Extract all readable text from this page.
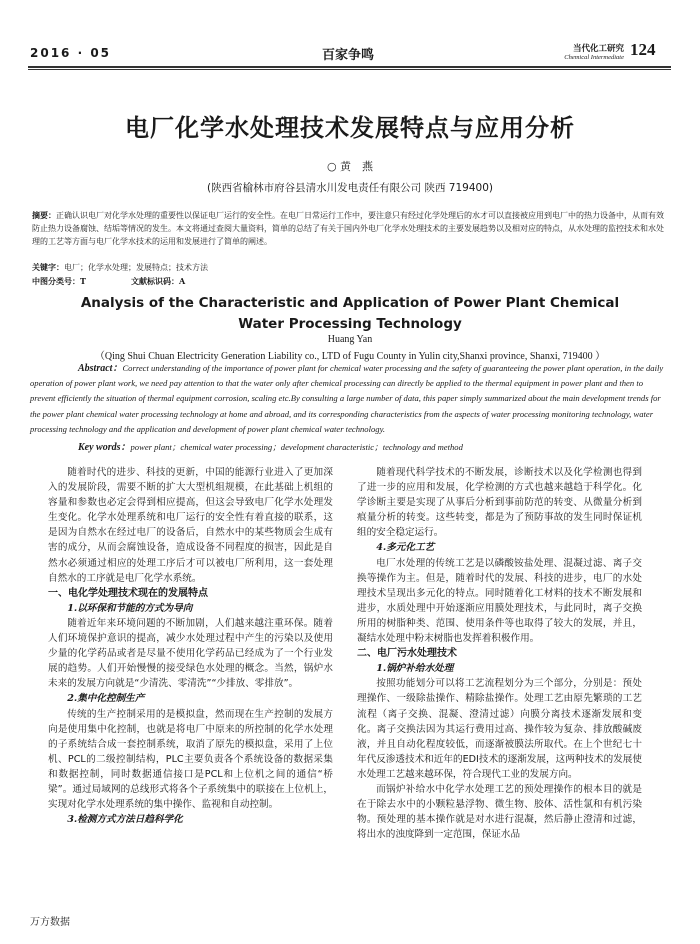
2016 · 05	百家争鸣	当代化工研究
Chemical Intermediate 124
电厂化学水处理技术发展特点与应用分析
○ 黄　燕
(陕西省榆林市府谷县清水川发电责任有限公司 陕西 719400)
摘要：正确认识电厂对化学水处理的重要性以保证电厂运行的安全性。在电厂日常运行工作中，要注意只有经过化学处理后的水才可以直接被应用到电厂中的热力设备中，从而有效防止热力设备腐蚀、结垢等情况的发生。本文将通过查阅大量资料，简单的总结了有关于国内外电厂化学水处理技术的主要发展趋势以及相对应的特点，从水处理的监控技术和水处理的工艺等方面与电厂化学水技术的运用和发展进行了简单的阐述。
关键字：电厂；化学水处理；发展特点；技术方法
中图分类号：T	文献标识码：A
Analysis of the Characteristic and Application of Power Plant Chemical Water Processing Technology
Huang Yan
（Qing Shui Chuan Electricity Generation Liability co., LTD of Fugu County in Yulin city,Shanxi province, Shanxi, 719400 ）
Abstract：Correct understanding of the importance of power plant for chemical water processing and the safety of guaranteeing the power plant operation, in the daily operation of power plant work, we need pay attention to that the water only after chemical processing can directly be applied to the thermal equipment in power plant and then to prevent efficiently the situation of thermal equipment corrosion, scaling etc.By consulting a large number of data, this paper simply summarized about the main development trends for the power plant chemical water processing technology at home and abroad, and its corresponding characteristics from the aspects of water processing monitoring technology, water processing technology and the application and development of power plant chemical water technology.
Key words：power plant；chemical water processing；development characteristic；technology and method

随着时代的进步、科技的更新，中国的能源行业进入了更加深入的发展阶段，需要不断的扩大大型机组规模，在此基础上机组的容量和参数也必定会得到相应提高，但这会导致电厂化学水处理发生变化。化学水处理系统和电厂运行的安全性有着直接的联系，这是因为自然水在经过电厂的设备后，自然水中的某些物质会生成有害的成分，从而会腐蚀设备，造成设备不同程度的损害，因此是自然水必须通过相应的处理工序后才可以被电厂所利用，这一套处理自然水的工序就是电厂化学水系统。

一、电化学处理技术现在的发展特点
1.以环保和节能的方式为导向

随着近年来环境问题的不断加剧，人们越来越注重环保。随着人们环境保护意识的提高，减少水处理过程中产生的污染以及使用少量的化学药品或者是尽量不使用化学药品已经成为了一个行业发展的趋势。人们开始慢慢的接受绿色水处理的概念。当然，锅炉水未来的发展方向就是“少清洗、零清洗”“少排放、零排放”。

2.集中化控制生产

传统的生产控制采用的是模拟盘，然而现在生产控制的发展方向是使用集中化控制，也就是将电厂中原来的所控制的化学水处理的子系统结合成一套控制系统，取消了原先的模拟盘，采用了上位机、PCL的二级控制结构，PLC主要负责各个系统设备的数据采集和数据控制，同时数据通信接口是PCL和上位机之间的通信“桥梁”。通过局域网的总线形式将各个子系统集中的联接在上位机上，实现对化学水处理系统的集中操作、监视和自动控制。

3.检测方式方法日趋科学化

随着现代科学技术的不断发展，诊断技术以及化学检测也得到了进一步的应用和发展，化学检测的方式也越来越趋于科学化。化学诊断主要是实现了从事后分析到事前防范的转变、从微量分析到痕量分析的转变。这些转变，都是为了预防事故的发生同时保证机组的安全稳定运行。

4.多元化工艺

电厂水处理的传统工艺是以磷酸铵盐处理、混凝过滤、离子交换等操作为主。但是，随着时代的发展、科技的进步，电厂的水处理技术呈现出多元化的特点。同时随着化工材料的技术不断发展和进步，水质处理中开始逐渐应用膜处理技术，与此同时，离子交换所用的树脂种类、范围、使用条件等也取得了较大的发展，并且，凝结水处理中粉末树脂也发挥着积极作用。

二、电厂污水处理技术
1.锅炉补给水处理

按照功能划分可以将工艺流程划分为三个部分，分别是：预处理操作、一级除盐操作、精除盐操作。处理工艺由原先繁琐的工艺流程（离子交换、混凝、澄清过滤）向膜分离技术逐渐发展和变化。离子交换法因为其运行费用过高、操作较为复杂、排放酸碱废液，并且自动化程度较低，而逐渐被膜法所取代。在上个世纪七十年代反渗透技术和近年的EDI技术的逐渐发展，这两种技术的发展使水处理工艺越来越环保，符合现代工业的发展方向。

而锅炉补给水中化学水处理工艺的预处理操作的根本目的就是在于除去水中的小颗粒悬浮物、微生物、胶体、活性氯和有机污染物。预处理的基本操作就是对水进行混凝，然后静止澄清和过滤，将出水的浊度降到一定范围，保证水品

万方数据
